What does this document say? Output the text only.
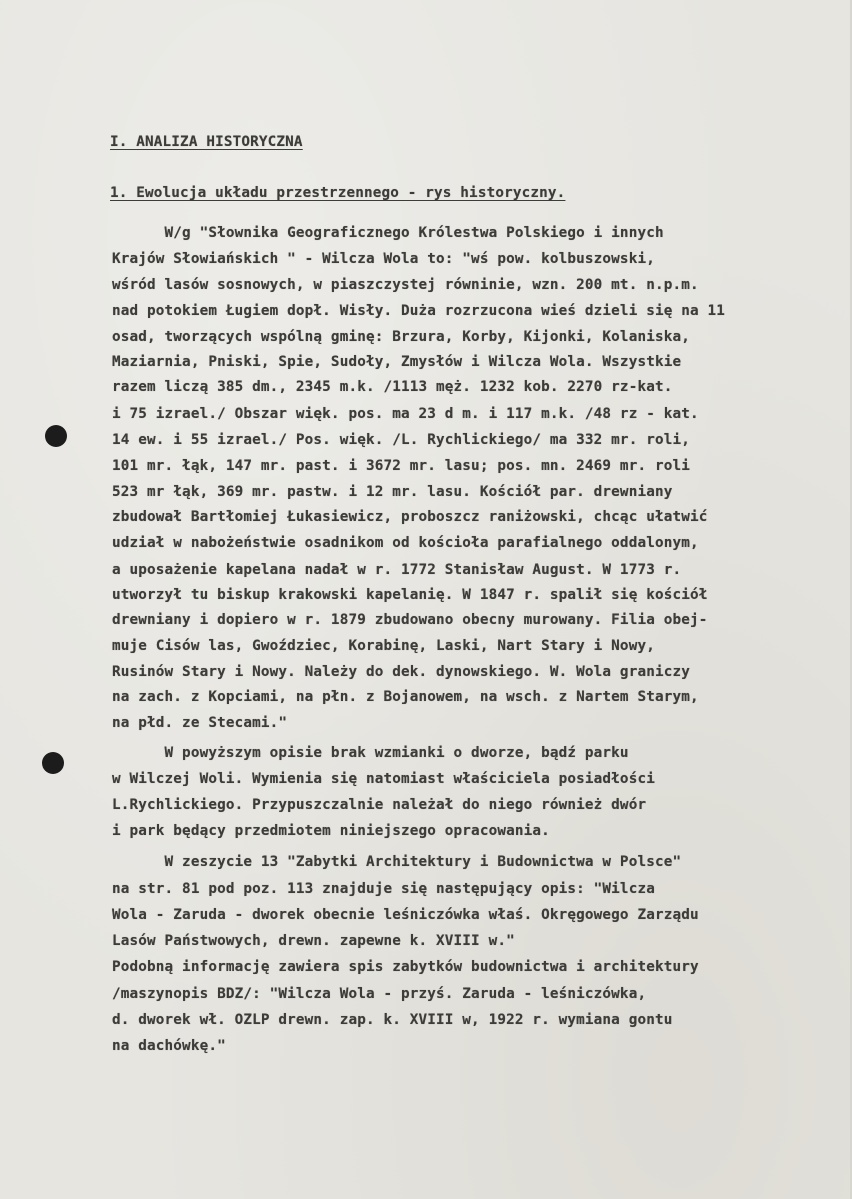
I. ANALIZA HISTORYCZNA
1. Ewolucja układu przestrzennego - rys historyczny.
W/g "Słownika Geograficznego Królestwa Polskiego i innych
Krajów Słowiańskich " - Wilcza Wola to: "wś pow. kolbuszowski,
wśród lasów sosnowych, w piaszczystej równinie, wzn. 200 mt. n.p.m.
nad potokiem Ługiem dopł. Wisły. Duża rozrzucona wieś dzieli się na 11
osad, tworzących wspólną gminę: Brzura, Korby, Kijonki, Kolaniska,
Maziarnia, Pniski, Spie, Sudoły, Zmysłów i Wilcza Wola. Wszystkie
razem liczą 385 dm., 2345 m.k. /1113 męż. 1232 kob. 2270 rz-kat.
i 75 izrael./ Obszar więk. pos. ma 23 d m. i 117 m.k. /48 rz - kat.
14 ew. i 55 izrael./ Pos. więk. /L. Rychlickiego/ ma 332 mr. roli,
101 mr. łąk, 147 mr. past. i 3672 mr. lasu; pos. mn. 2469 mr. roli
523 mr łąk, 369 mr. pastw. i 12 mr. lasu. Kościół par. drewniany
zbudował Bartłomiej Łukasiewicz, proboszcz raniżowski, chcąc ułatwić
udział w nabożeństwie osadnikom od kościoła parafialnego oddalonym,
a uposażenie kapelana nadał w r. 1772 Stanisław August. W 1773 r.
utworzył tu biskup krakowski kapelanię. W 1847 r. spalił się kościół
drewniany i dopiero w r. 1879 zbudowano obecny murowany. Filia obej-
muje Cisów las, Gwoździec, Korabinę, Laski, Nart Stary i Nowy,
Rusinów Stary i Nowy. Należy do dek. dynowskiego. W. Wola graniczy
na zach. z Kopciami, na płn. z Bojanowem, na wsch. z Nartem Starym,
na płd. ze Stecami."
W powyższym opisie brak wzmianki o dworze, bądź parku
w Wilczej Woli. Wymienia się natomiast właściciela posiadłości
L.Rychlickiego. Przypuszczalnie należał do niego również dwór
i park będący przedmiotem niniejszego opracowania.
W zeszycie 13 "Zabytki Architektury i Budownictwa w Polsce"
na str. 81 pod poz. 113 znajduje się następujący opis: "Wilcza
Wola - Zaruda - dworek obecnie leśniczówka właś. Okręgowego Zarządu
Lasów Państwowych, drewn. zapewne k. XVIII w."
Podobną informację zawiera spis zabytków budownictwa i architektury
/maszynopis BDZ/: "Wilcza Wola - przyś. Zaruda - leśniczówka,
d. dworek wł. OZLP drewn. zap. k. XVIII w, 1922 r. wymiana gontu
na dachówkę."
